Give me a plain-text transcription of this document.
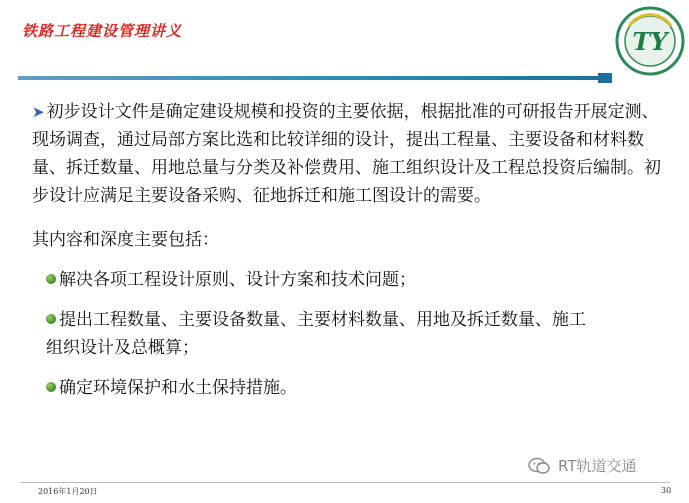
铁路工程建设管理讲义	TY

➤ 初步设计文件是确定建设规模和投资的主要依据，根据批准的可研报告开展定测、现场调查，通过局部方案比选和比较详细的设计，提出工程量、主要设备和材料数量、拆迁数量、用地总量与分类及补偿费用、施工组织设计及工程总投资后编制。初步设计应满足主要设备采购、征地拆迁和施工图设计的需要。

其内容和深度主要包括：
解决各项工程设计原则、设计方案和技术问题；
提出工程数量、主要设备数量、主要材料数量、用地及拆迁数量、施工
组织设计及总概算；
确定环境保护和水土保持措施。
RT轨道交通
2016年1月20日	30
